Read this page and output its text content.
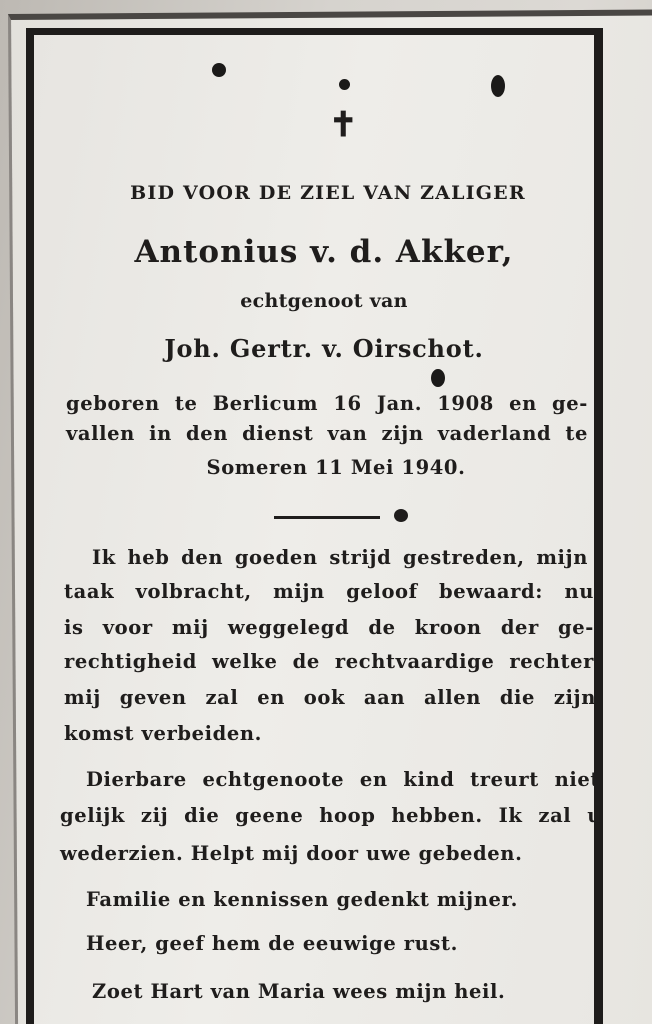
✝
BID VOOR DE ZIEL VAN ZALIGER
Antonius v. d. Akker,
echtgenoot van
Joh. Gertr. v. Oirschot.
geboren te Berlicum 16 Jan. 1908 en ge-
vallen in den dienst van zijn vaderland te
Someren 11 Mei 1940.
Ik heb den goeden strijd gestreden, mijn
taak volbracht, mijn geloof bewaard: nu
is voor mij weggelegd de kroon der ge-
rechtigheid welke de rechtvaardige rechter
mij geven zal en ook aan allen die zijn
komst verbeiden.
Dierbare echtgenoote en kind treurt niet
gelijk zij die geene hoop hebben. Ik zal u
wederzien. Helpt mij door uwe gebeden.
Familie en kennissen gedenkt mijner.
Heer, geef hem de eeuwige rust.
Zoet Hart van Maria wees mijn heil.
